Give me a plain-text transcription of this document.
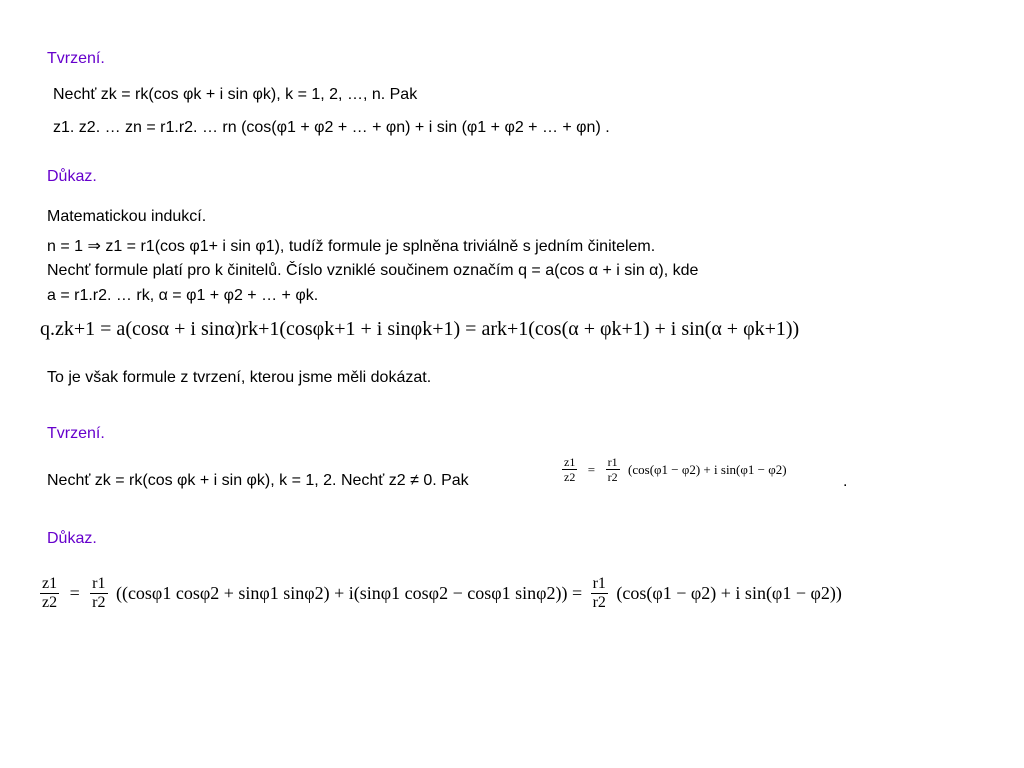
Tvrzení.
Nechť zk = rk(cos φk + i sin φk), k = 1, 2, …, n. Pak
z1. z2. … zn = r1.r2. … rn (cos(φ1 + φ2 + … + φn) + i sin (φ1 + φ2 + … + φn) .
Důkaz.
Matematickou indukcí.
n = 1 ⇒ z1 = r1(cos φ1+ i sin φ1), tudíž formule je splněna triviálně s jedním činitelem.
Nechť formule platí pro k činitelů. Číslo vzniklé součinem označím q = a(cos α + i sin α), kde
a = r1.r2. … rk, α = φ1 + φ2 + … + φk.
q.zk+1 = a(cosα + i sinα)rk+1(cosφk+1 + i sinφk+1) = ark+1(cos(α + φk+1) + i sin(α + φk+1))
To je však formule z tvrzení, kterou jsme měli dokázat.
Tvrzení.
Nechť zk = rk(cos φk + i sin φk), k = 1, 2. Nechť z2 ≠ 0. Pak	$\frac{z1}{z2} = \frac{r1}{r2} (\cos(\varphi 1 - \varphi 2) + i$ sin(φ1 − φ2)
.
Důkaz.
$\frac{z1}{z2} = \frac{r1}{r2} ((\cos\varphi 1$ cosφ2 + sinφ1 sinφ2) + i(sinφ1 cosφ2 − cosφ1 $\sin\varphi 2)) = \frac{r1}{r2} (\cos(\varphi 1 - \varphi 2) + i$ sin(φ1 − φ2))
